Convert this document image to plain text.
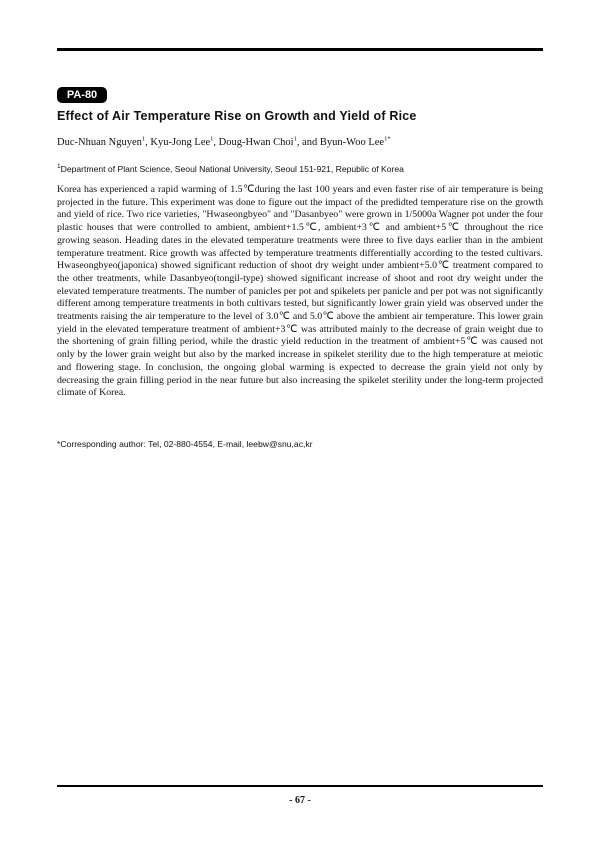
PA-80
Effect of Air Temperature Rise on Growth and Yield of Rice
Duc-Nhuan Nguyen$^1$, Kyu-Jong Lee$^1$, Doug-Hwan Choi$^1$, and Byun-Woo Lee$^{1*}$
$^1$Department of Plant Science, Seoul National University, Seoul 151-921, Republic of Korea

Korea has experienced a rapid warming of 1.5℃during the last 100 years and even faster rise of air temperature is being projected in the future. This experiment was done to figure out the impact of the predidted temperature rise on the growth and yield of rice. Two rice varieties, "Hwaseongbyeo" and "Dasanbyeo" were grown in 1/5000a Wagner pot under the four plastic houses that were controlled to ambient, ambient+1.5℃, ambient+3℃ and ambient+5℃ throughout the rice growing season. Heading dates in the elevated temperature treatments were three to five days earlier than in the ambient temperature treatment. Rice growth was affected by temperature treatments differentially according to the tested cultivars. Hwaseongbyeo(japonica) showed significant reduction of shoot dry weight under ambient+5.0℃ treatment compared to the other treatments, while Dasanbyeo(tongil-type) showed significant increase of shoot and root dry weight under the elevated temperature treatments. The number of panicles per pot and spikelets per panicle and per pot was not significantly different among temperature treatments in both cultivars tested, but significantly lower grain yield was observed under the treatments raising the air temperature to the level of 3.0℃ and 5.0℃ above the ambient air temperature. This lower grain yield in the elevated temperature treatment of ambient+3℃ was attributed mainly to the decrease of grain weight due to the shortening of grain filling period, while the drastic yield reduction in the treatment of ambient+5℃ was caused not only by the lower grain weight but also by the marked increase in spikelet sterility due to the high temperature at meiotic and flowering stage. In conclusion, the ongoing global warming is expected to decrease the grain yield not only by decreasing the grain filling period in the near future but also increasing the spikelet sterility under the long-term projected climate of Korea.

*Corresponding author: Tel, 02-880-4554, E-mail, leebw@snu,ac,kr
- 67 -
